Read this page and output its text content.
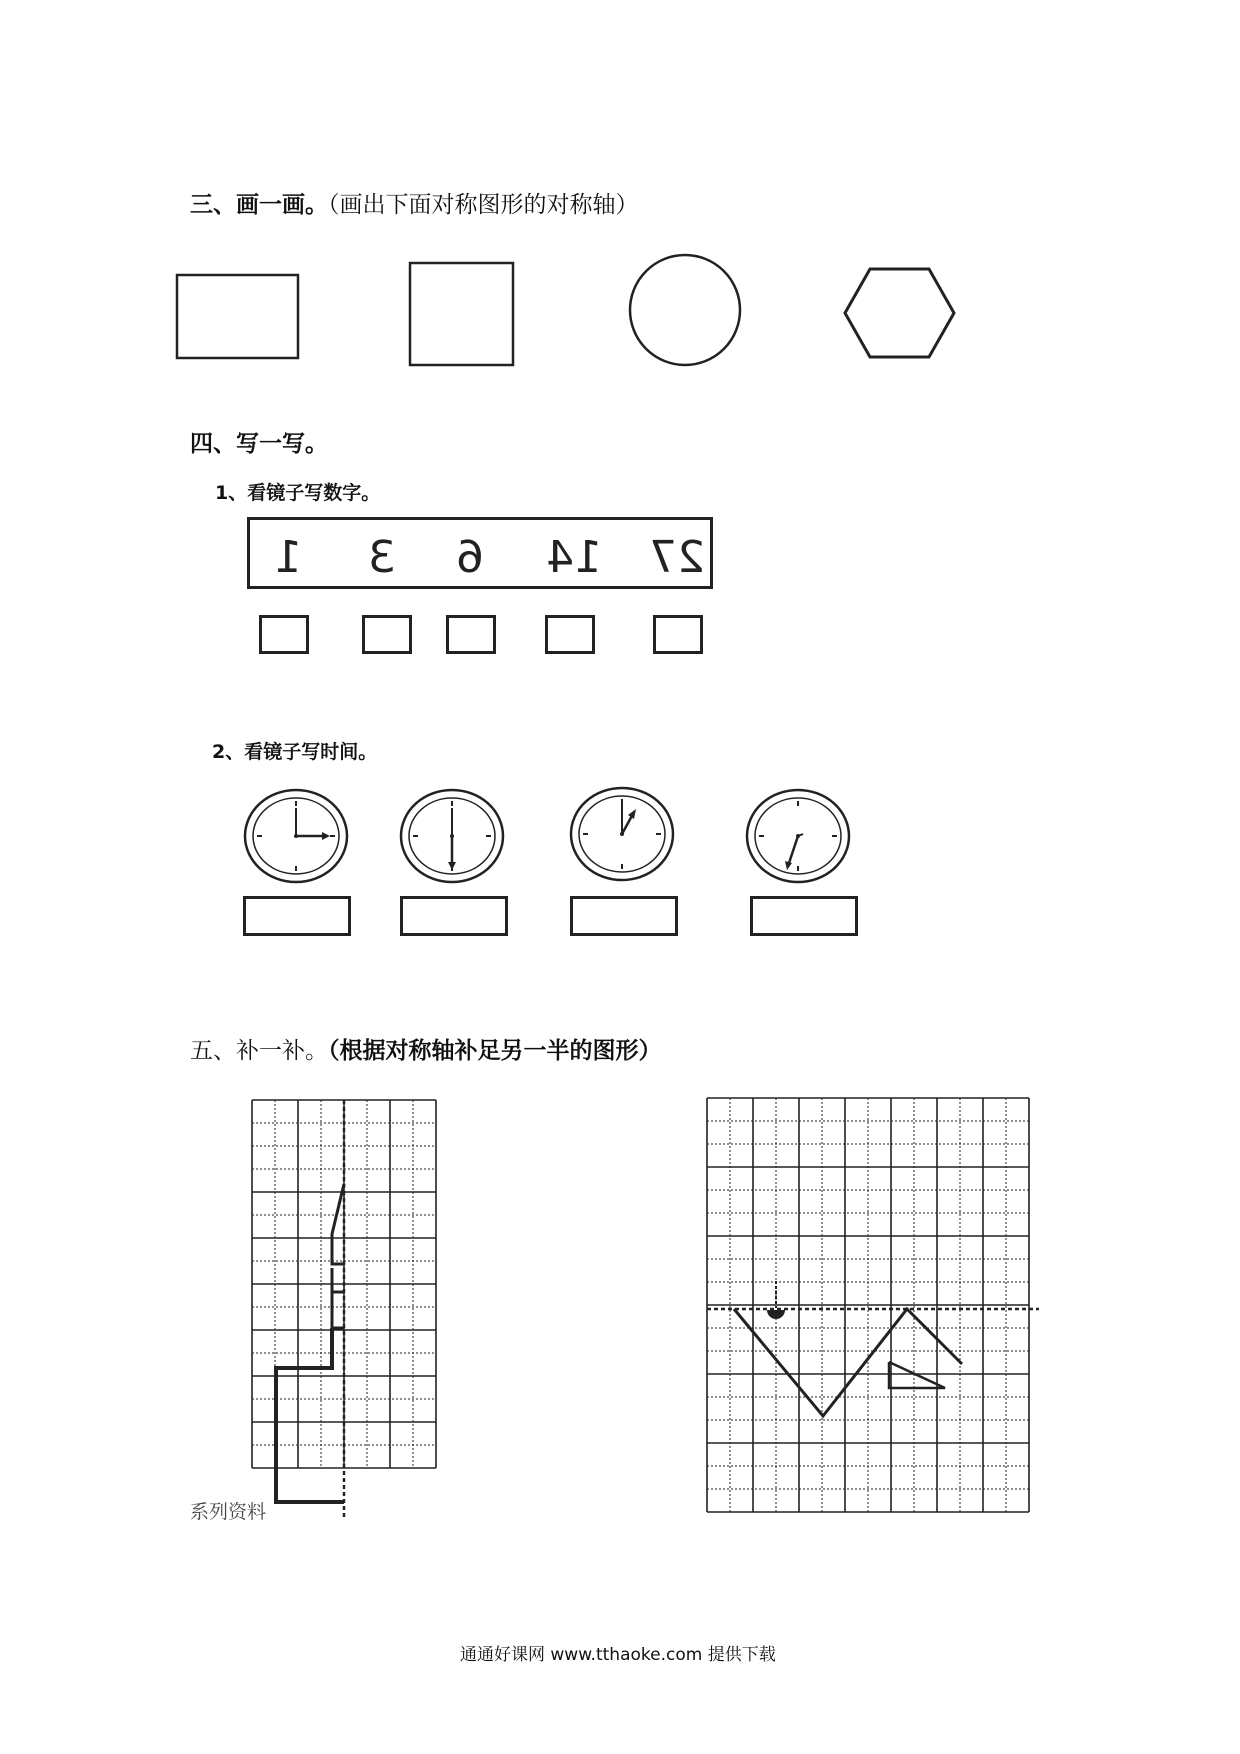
三、画一画。（画出下面对称图形的对称轴）
四、写一写。
1、看镜子写数字。
1 3 6 14 27
2、看镜子写时间。
五、补一补。（根据对称轴补足另一半的图形）
系列资料
通通好课网 www.tthaoke.com 提供下载
